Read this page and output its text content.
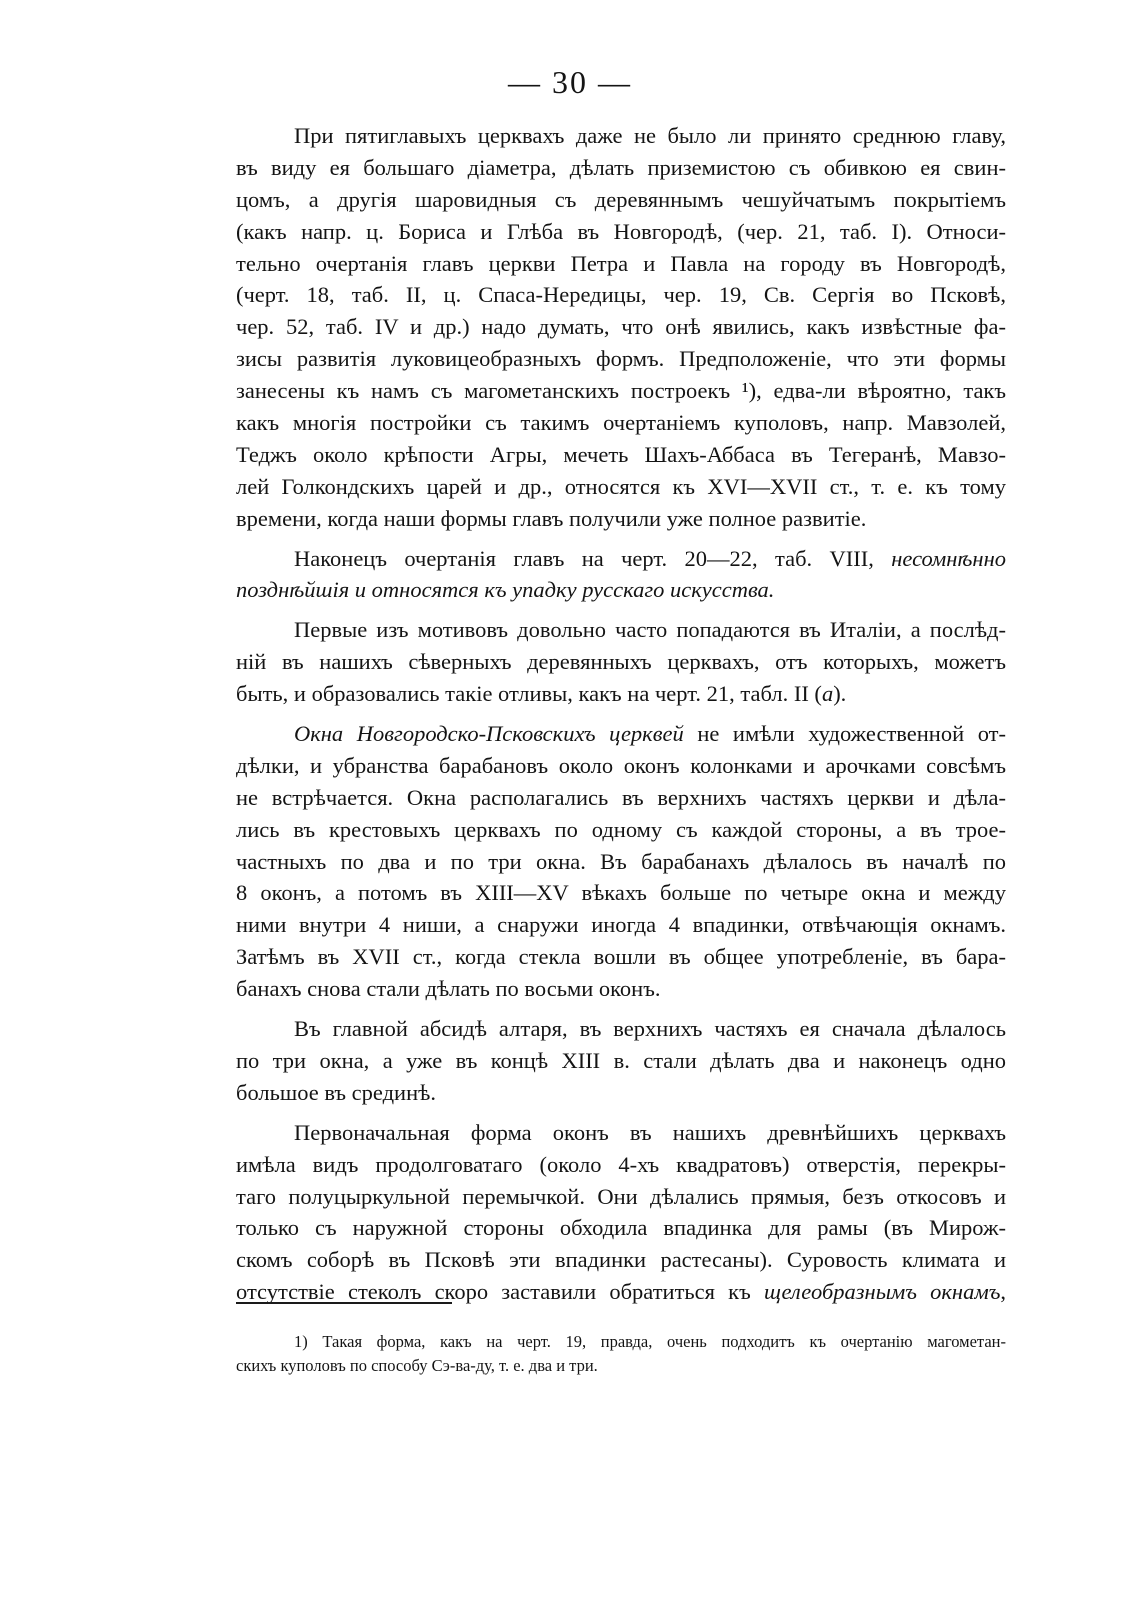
— 30 —
При пятиглавыхъ церквахъ даже не было ли принято среднюю главу,
въ виду ея большаго діаметра, дѣлать приземистою съ обивкою ея свин-
цомъ, а другія шаровидныя съ деревяннымъ чешуйчатымъ покрытіемъ
(какъ напр. ц. Бориса и Глѣба въ Новгородѣ, (чер. 21, таб. I). Относи-
тельно очертанія главъ церкви Петра и Павла на городу въ Новгородѣ,
(черт. 18, таб. II, ц. Спаса-Нередицы, чер. 19, Св. Сергія во Псковѣ,
чер. 52, таб. IV и др.) надо думать, что онѣ явились, какъ извѣстные фа-
зисы развитія луковицеобразныхъ формъ. Предположеніе, что эти формы
занесены къ намъ съ магометанскихъ построекъ ¹), едва-ли вѣроятно, такъ
какъ многія постройки съ такимъ очертаніемъ куполовъ, напр. Мавзолей,
Теджъ около крѣпости Агры, мечеть Шахъ-Аббаса въ Тегеранѣ, Мавзо-
лей Голкондскихъ царей и др., относятся къ XVI—XVII ст., т. е. къ тому
времени, когда наши формы главъ получили уже полное развитіе.
Наконецъ очертанія главъ на черт. 20—22, таб. VIII, несомнѣнно
позднѣйшія и относятся къ упадку русскаго искусства.
Первые изъ мотивовъ довольно часто попадаются въ Италіи, а послѣд-
ній въ нашихъ сѣверныхъ деревянныхъ церквахъ, отъ которыхъ, можетъ
быть, и образовались такіе отливы, какъ на черт. 21, табл. II (а).
Окна Новгородско-Псковскихъ церквей не имѣли художественной от-
дѣлки, и убранства барабановъ около оконъ колонками и арочками совсѣмъ
не встрѣчается. Окна располагались въ верхнихъ частяхъ церкви и дѣла-
лись въ крестовыхъ церквахъ по одному съ каждой стороны, а въ трое-
частныхъ по два и по три окна. Въ барабанахъ дѣлалось въ началѣ по
8 оконъ, а потомъ въ XIII—XV вѣкахъ больше по четыре окна и между
ними внутри 4 ниши, а снаружи иногда 4 впадинки, отвѣчающія окнамъ.
Затѣмъ въ XVII ст., когда стекла вошли въ общее употребленіе, въ бара-
банахъ снова стали дѣлать по восьми оконъ.
Въ главной абсидѣ алтаря, въ верхнихъ частяхъ ея сначала дѣлалось
по три окна, а уже въ концѣ XIII в. стали дѣлать два и наконецъ одно
большое въ срединѣ.
Первоначальная форма оконъ въ нашихъ древнѣйшихъ церквахъ
имѣла видъ продолговатаго (около 4-хъ квадратовъ) отверстія, перекры-
таго полуцыркульной перемычкой. Они дѣлались прямыя, безъ откосовъ и
только съ наружной стороны обходила впадинка для рамы (въ Мирож-
скомъ соборѣ въ Псковѣ эти впадинки растесаны). Суровость климата и
отсутствіе стеколъ скоро заставили обратиться къ щелеобразнымъ окнамъ,
1) Такая форма, какъ на черт. 19, правда, очень подходитъ къ очертанію магометан-
скихъ куполовъ по способу Сэ-ва-ду, т. е. два и три.
